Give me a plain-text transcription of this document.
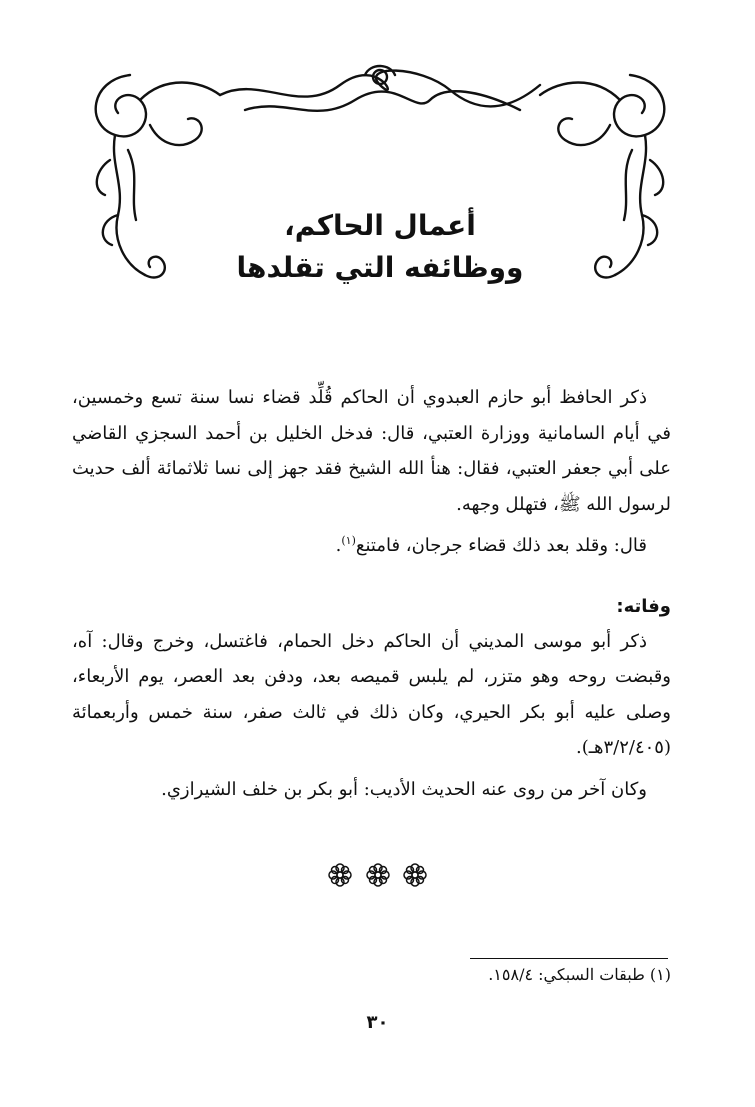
أعمال الحاكم،
ووظائفه التي تقلدها

ذكر الحافظ أبو حازم العبدوي أن الحاكم قُلِّد قضاء نسا سنة تسع وخمسين، في أيام السامانية ووزارة العتبي، قال: فدخل الخليل بن أحمد السجزي القاضي على أبي جعفر العتبي، فقال: هنأ الله الشيخ فقد جهز إلى نسا ثلاثمائة ألف حديث لرسول الله ﷺ، فتهلل وجهه.

قال: وقلد بعد ذلك قضاء جرجان، فامتنع$^{(١)}$.

وفاته:

ذكر أبو موسى المديني أن الحاكم دخل الحمام، فاغتسل، وخرج وقال: آه، وقبضت روحه وهو متزر، لم يلبس قميصه بعد، ودفن بعد العصر، يوم الأربعاء، وصلى عليه أبو بكر الحيري، وكان ذلك في ثالث صفر، سنة خمس وأربعمائة (٣/٢/٤٠٥هـ).

وكان آخر من روى عنه الحديث الأديب: أبو بكر بن خلف الشيرازي.

(١) طبقات السبكي: ١٥٨/٤.
٣٠
